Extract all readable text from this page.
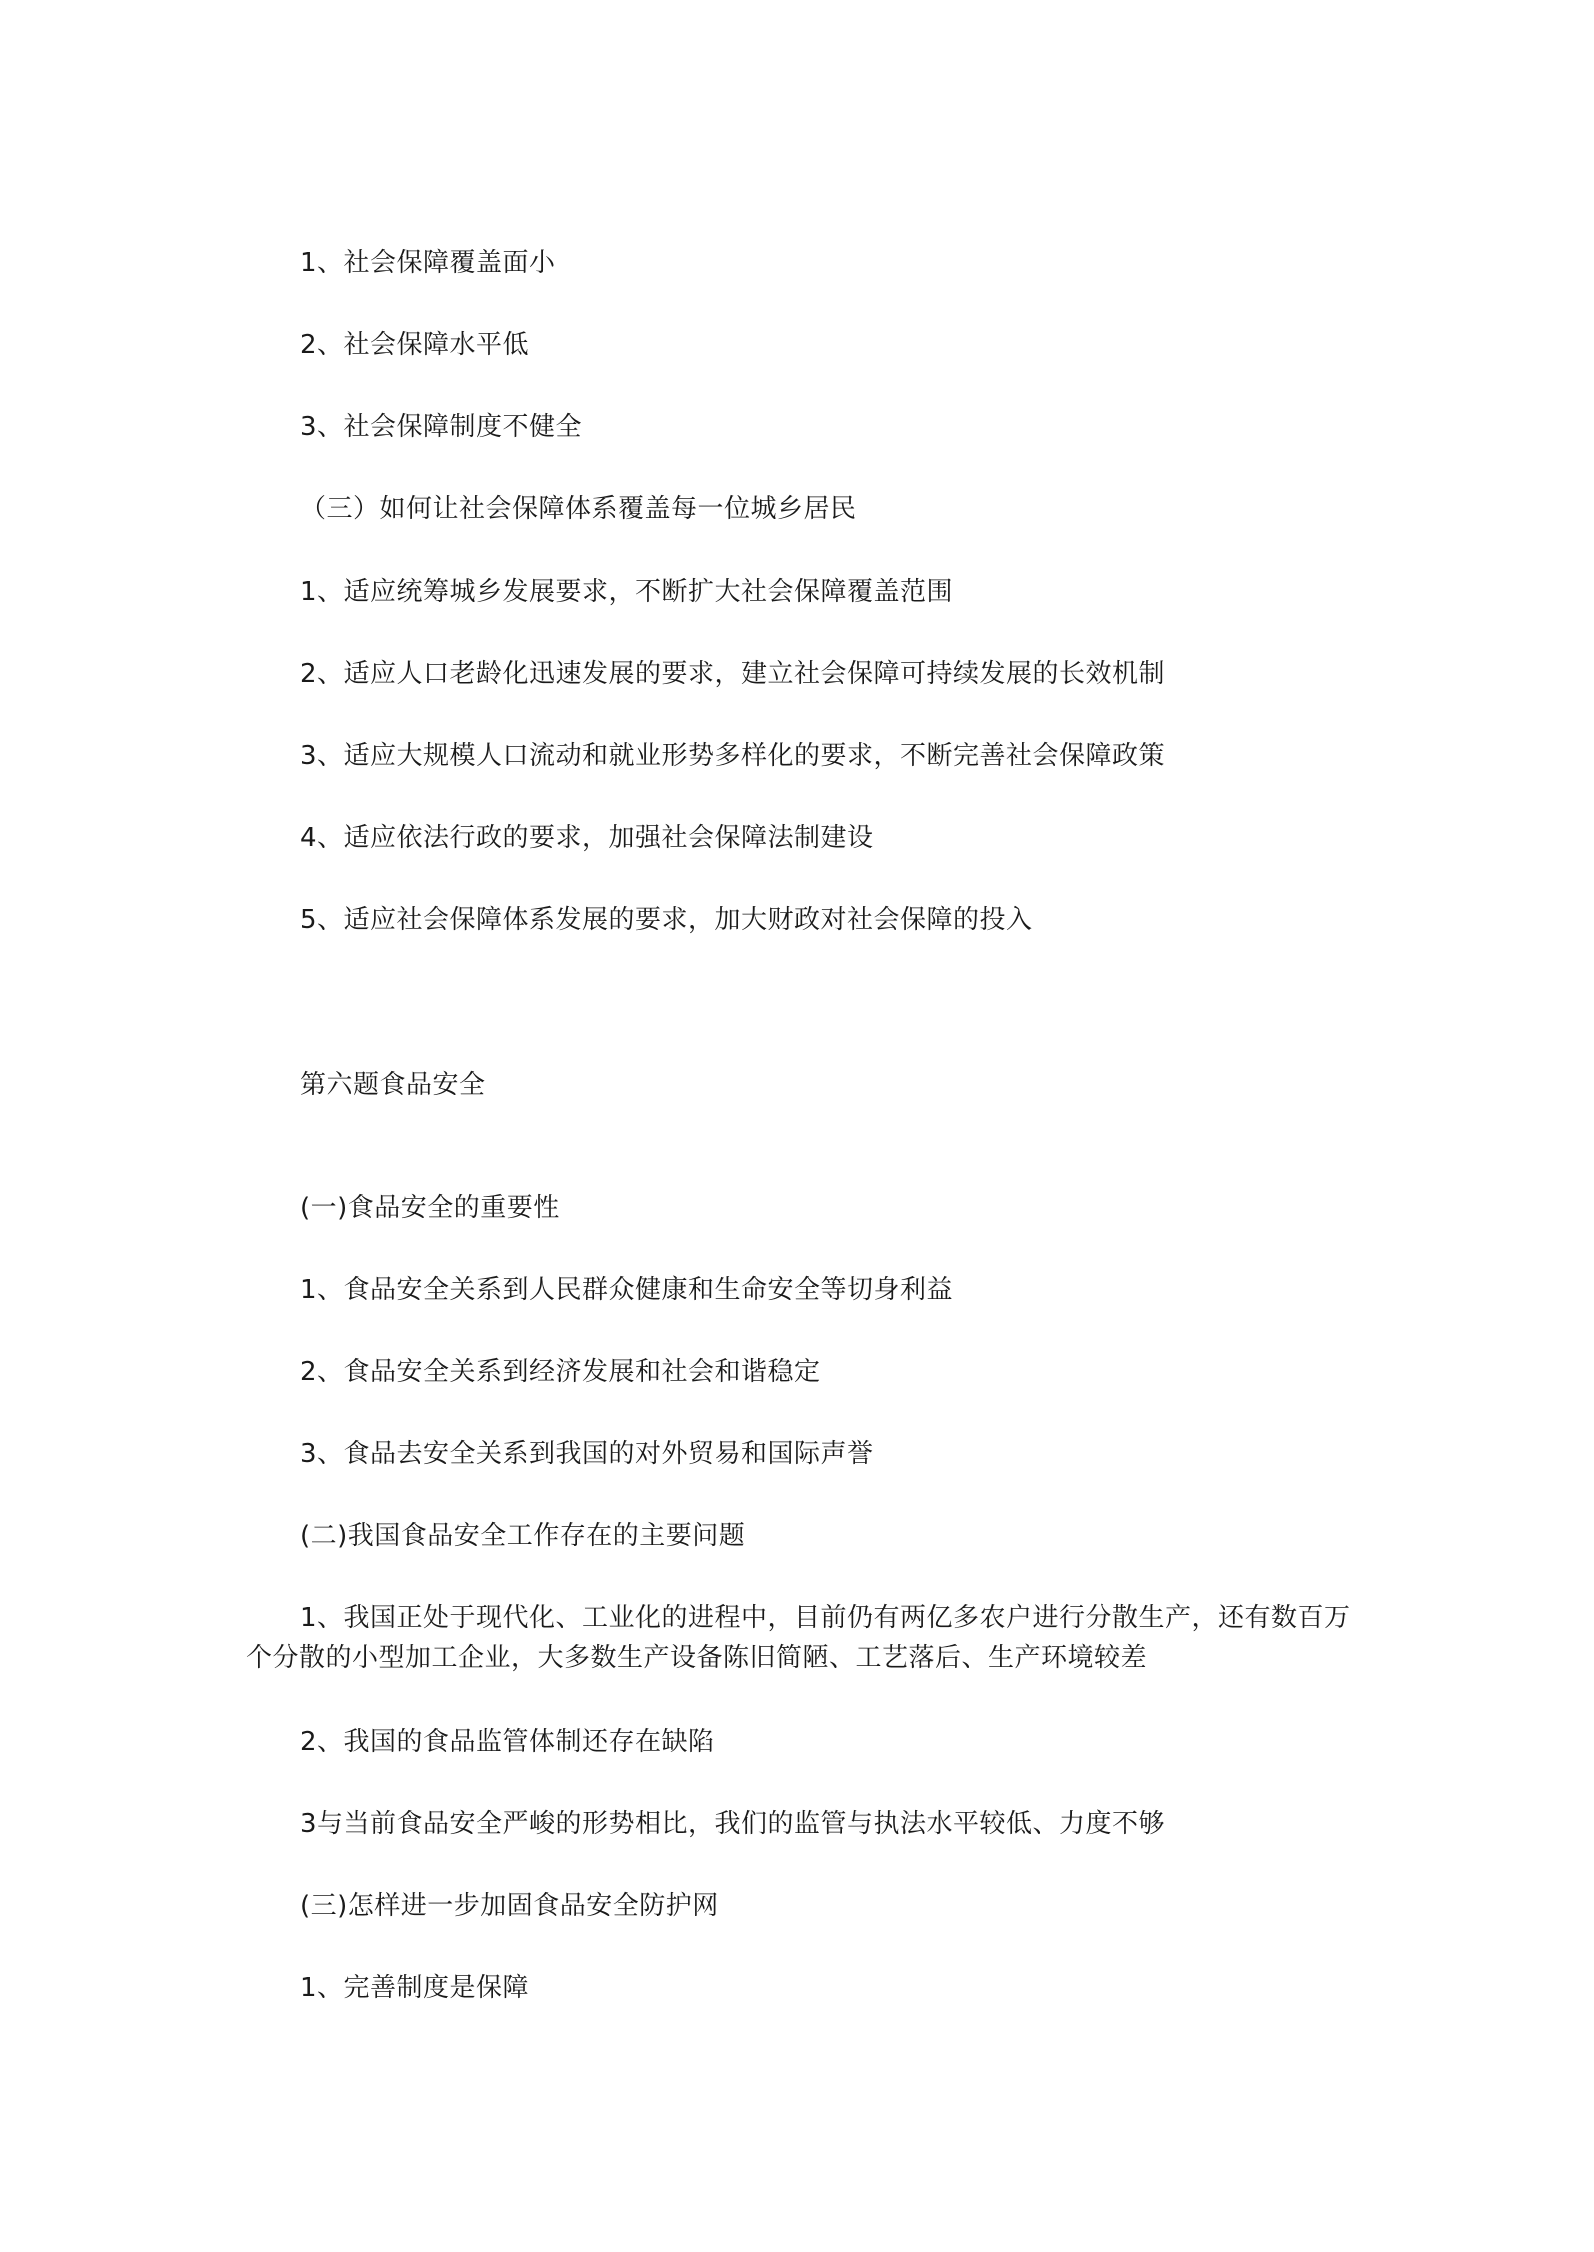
1、社会保障覆盖面小
2、社会保障水平低
3、社会保障制度不健全
（三）如何让社会保障体系覆盖每一位城乡居民
1、适应统筹城乡发展要求，不断扩大社会保障覆盖范围
2、适应人口老龄化迅速发展的要求，建立社会保障可持续发展的长效机制
3、适应大规模人口流动和就业形势多样化的要求，不断完善社会保障政策
4、适应依法行政的要求，加强社会保障法制建设
5、适应社会保障体系发展的要求，加大财政对社会保障的投入
第六题食品安全
(一)食品安全的重要性
1、食品安全关系到人民群众健康和生命安全等切身利益
2、食品安全关系到经济发展和社会和谐稳定
3、食品去安全关系到我国的对外贸易和国际声誉
(二)我国食品安全工作存在的主要问题
1、我国正处于现代化、工业化的进程中，目前仍有两亿多农户进行分散生产，还有数百万个分散的小型加工企业，大多数生产设备陈旧简陋、工艺落后、生产环境较差
2、我国的食品监管体制还存在缺陷
3与当前食品安全严峻的形势相比，我们的监管与执法水平较低、力度不够
(三)怎样进一步加固食品安全防护网
1、完善制度是保障
